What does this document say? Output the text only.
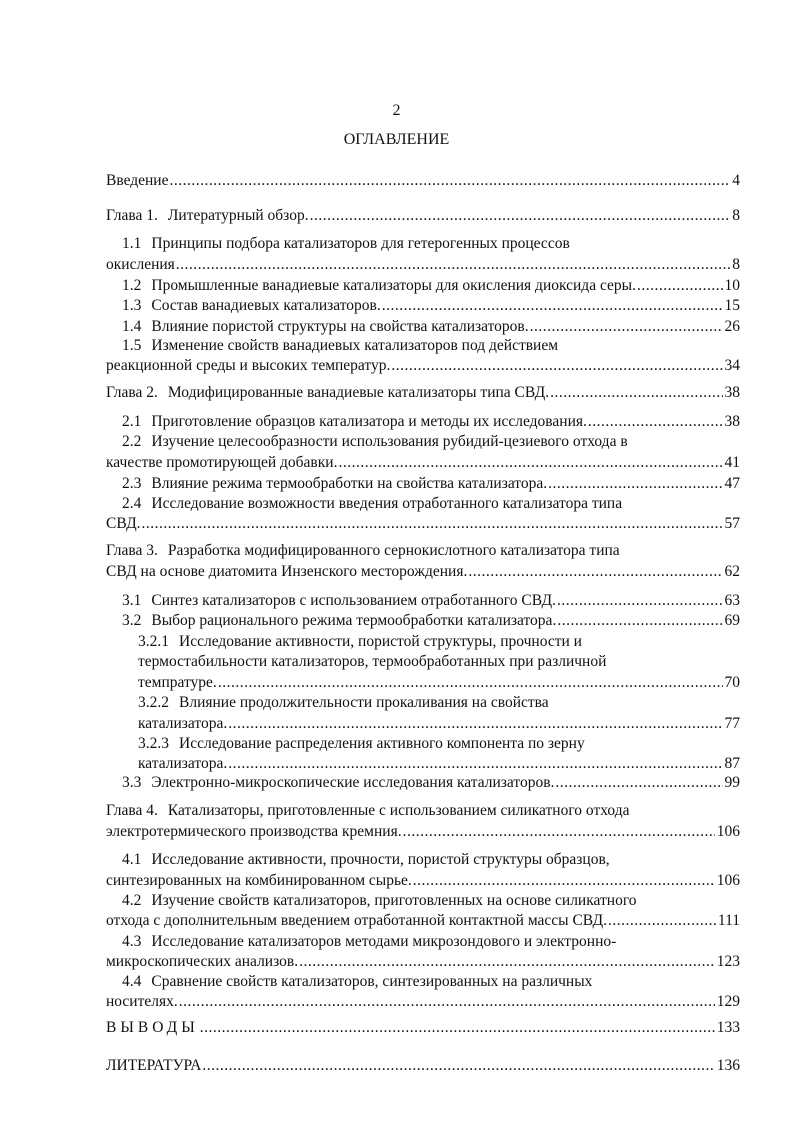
2
ОГЛАВЛЕНИЕ
Введение .....	4
Глава 1. Литературный обзор. .....	8
1.1 Принципы подбора катализаторов для гетерогенных процессов
окисления .....	8
1.2 Промышленные ванадиевые катализаторы для окисления диоксида серы. .....	10
1.3 Состав ванадиевых катализаторов. .....	15
1.4 Влияние пористой структуры на свойства катализаторов. .....	26
1.5 Изменение свойств ванадиевых катализаторов под действием
реакционной среды и высоких температур. .....	34
Глава 2. Модифицированные ванадиевые катализаторы типа СВД. .....	38
2.1 Приготовление образцов катализатора и методы их исследования. .....	38
2.2 Изучение целесообразности использования рубидий-цезиевого отхода в
качестве промотирующей добавки. .....	41
2.3 Влияние режима термообработки на свойства катализатора. .....	47
2.4 Исследование возможности введения отработанного катализатора типа
СВД. .....	57
Глава 3. Разработка модифицированного сернокислотного катализатора типа
СВД на основе диатомита Инзенского месторождения. .....	62
3.1 Синтез катализаторов с использованием отработанного СВД. .....	63
3.2 Выбор рационального режима термообработки катализатора. .....	69
3.2.1 Исследование активности, пористой структуры, прочности и
термостабильности катализаторов, термообработанных при различной
темпратуре. .....	70
3.2.2 Влияние продолжительности прокаливания на свойства
катализатора. .....	77
3.2.3 Исследование распределения активного компонента по зерну
катализатора. .....	87
3.3 Электронно-микроскопические исследования катализаторов. .....	99
Глава 4. Катализаторы, приготовленные с использованием силикатного отхода
электротермического производства кремния. .....	106
4.1 Исследование активности, прочности, пористой структуры образцов,
синтезированных на комбинированном сырье. .....	106
4.2 Изучение свойств катализаторов, приготовленных на основе силикатного
отхода с дополнительным введением отработанной контактной массы СВД. .....	111
4.3 Исследование катализаторов методами микрозондового и электронно-
микроскопических анализов. .....	123
4.4 Сравнение свойств катализаторов, синтезированных на различных
носителях. .....	129
ВЫВОДЫ .....	133
ЛИТЕРАТУРА .....	136
